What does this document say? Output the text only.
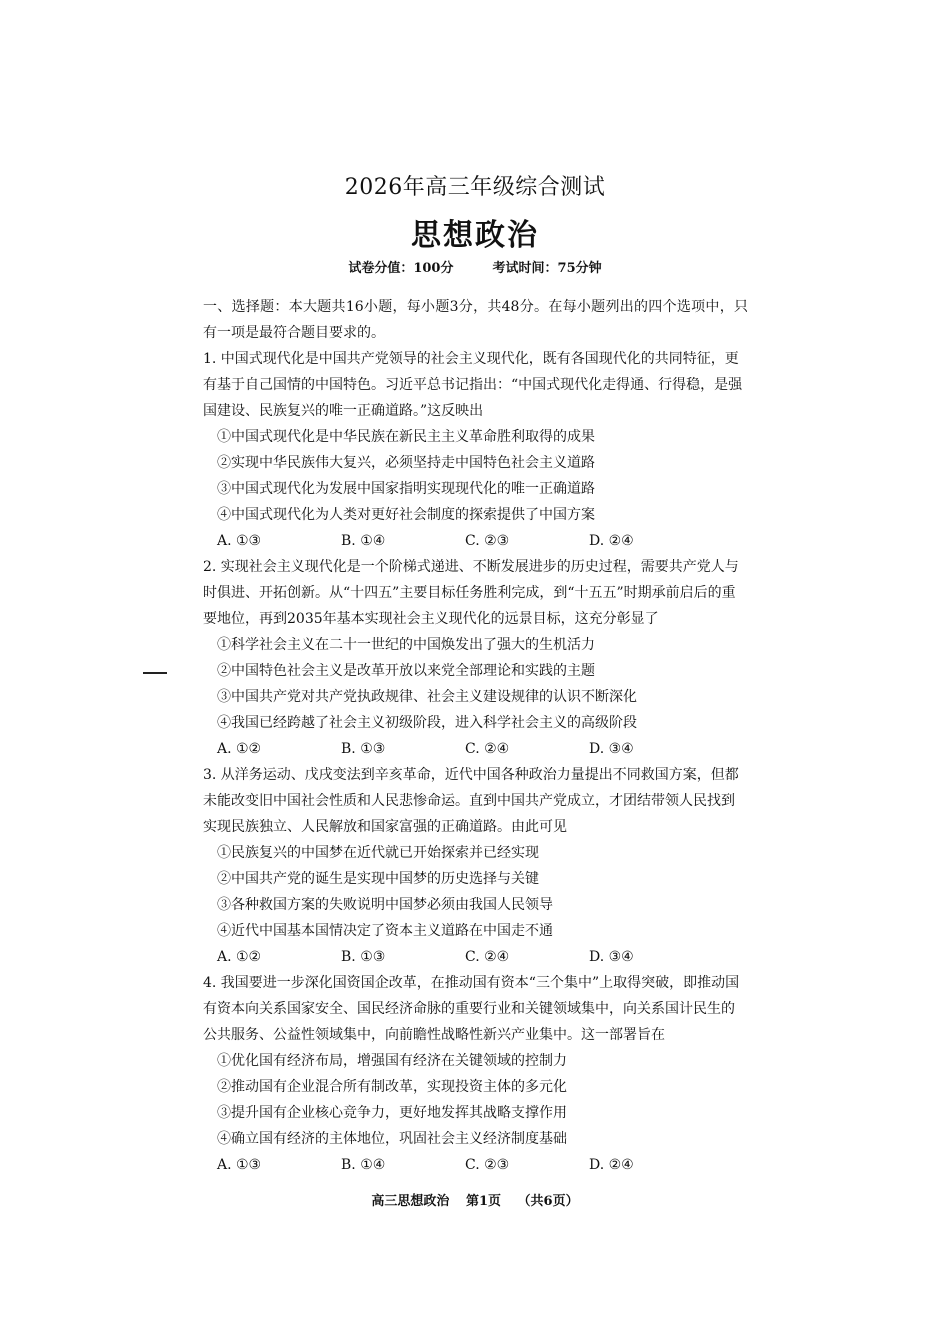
2026年高三年级综合测试
思想政治
试卷分值：100分	考试时间：75分钟

一、选择题：本大题共16小题，每小题3分，共48分。在每小题列出的四个选项中，只有一项是最符合题目要求的。

1. 中国式现代化是中国共产党领导的社会主义现代化，既有各国现代化的共同特征，更有基于自己国情的中国特色。习近平总书记指出：“中国式现代化走得通、行得稳，是强国建设、民族复兴的唯一正确道路。”这反映出

①中国式现代化是中华民族在新民主主义革命胜利取得的成果

②实现中华民族伟大复兴，必须坚持走中国特色社会主义道路

③中国式现代化为发展中国家指明实现现代化的唯一正确道路

④中国式现代化为人类对更好社会制度的探索提供了中国方案

A. ①③	B. ①④	C. ②③	D. ②④

2. 实现社会主义现代化是一个阶梯式递进、不断发展进步的历史过程，需要共产党人与时俱进、开拓创新。从“十四五”主要目标任务胜利完成，到“十五五”时期承前启后的重要地位，再到2035年基本实现社会主义现代化的远景目标，这充分彰显了

①科学社会主义在二十一世纪的中国焕发出了强大的生机活力

②中国特色社会主义是改革开放以来党全部理论和实践的主题

③中国共产党对共产党执政规律、社会主义建设规律的认识不断深化

④我国已经跨越了社会主义初级阶段，进入科学社会主义的高级阶段

A. ①②	B. ①③	C. ②④	D. ③④

3. 从洋务运动、戊戌变法到辛亥革命，近代中国各种政治力量提出不同救国方案，但都未能改变旧中国社会性质和人民悲惨命运。直到中国共产党成立，才团结带领人民找到实现民族独立、人民解放和国家富强的正确道路。由此可见

①民族复兴的中国梦在近代就已开始探索并已经实现

②中国共产党的诞生是实现中国梦的历史选择与关键

③各种救国方案的失败说明中国梦必须由我国人民领导

④近代中国基本国情决定了资本主义道路在中国走不通

A. ①②	B. ①③	C. ②④	D. ③④

4. 我国要进一步深化国资国企改革，在推动国有资本“三个集中”上取得突破，即推动国有资本向关系国家安全、国民经济命脉的重要行业和关键领域集中，向关系国计民生的公共服务、公益性领域集中，向前瞻性战略性新兴产业集中。这一部署旨在

①优化国有经济布局，增强国有经济在关键领域的控制力

②推动国有企业混合所有制改革，实现投资主体的多元化

③提升国有企业核心竞争力，更好地发挥其战略支撑作用

④确立国有经济的主体地位，巩固社会主义经济制度基础

A. ①③	B. ①④	C. ②③	D. ②④
高三思想政治 第1页 （共6页）
